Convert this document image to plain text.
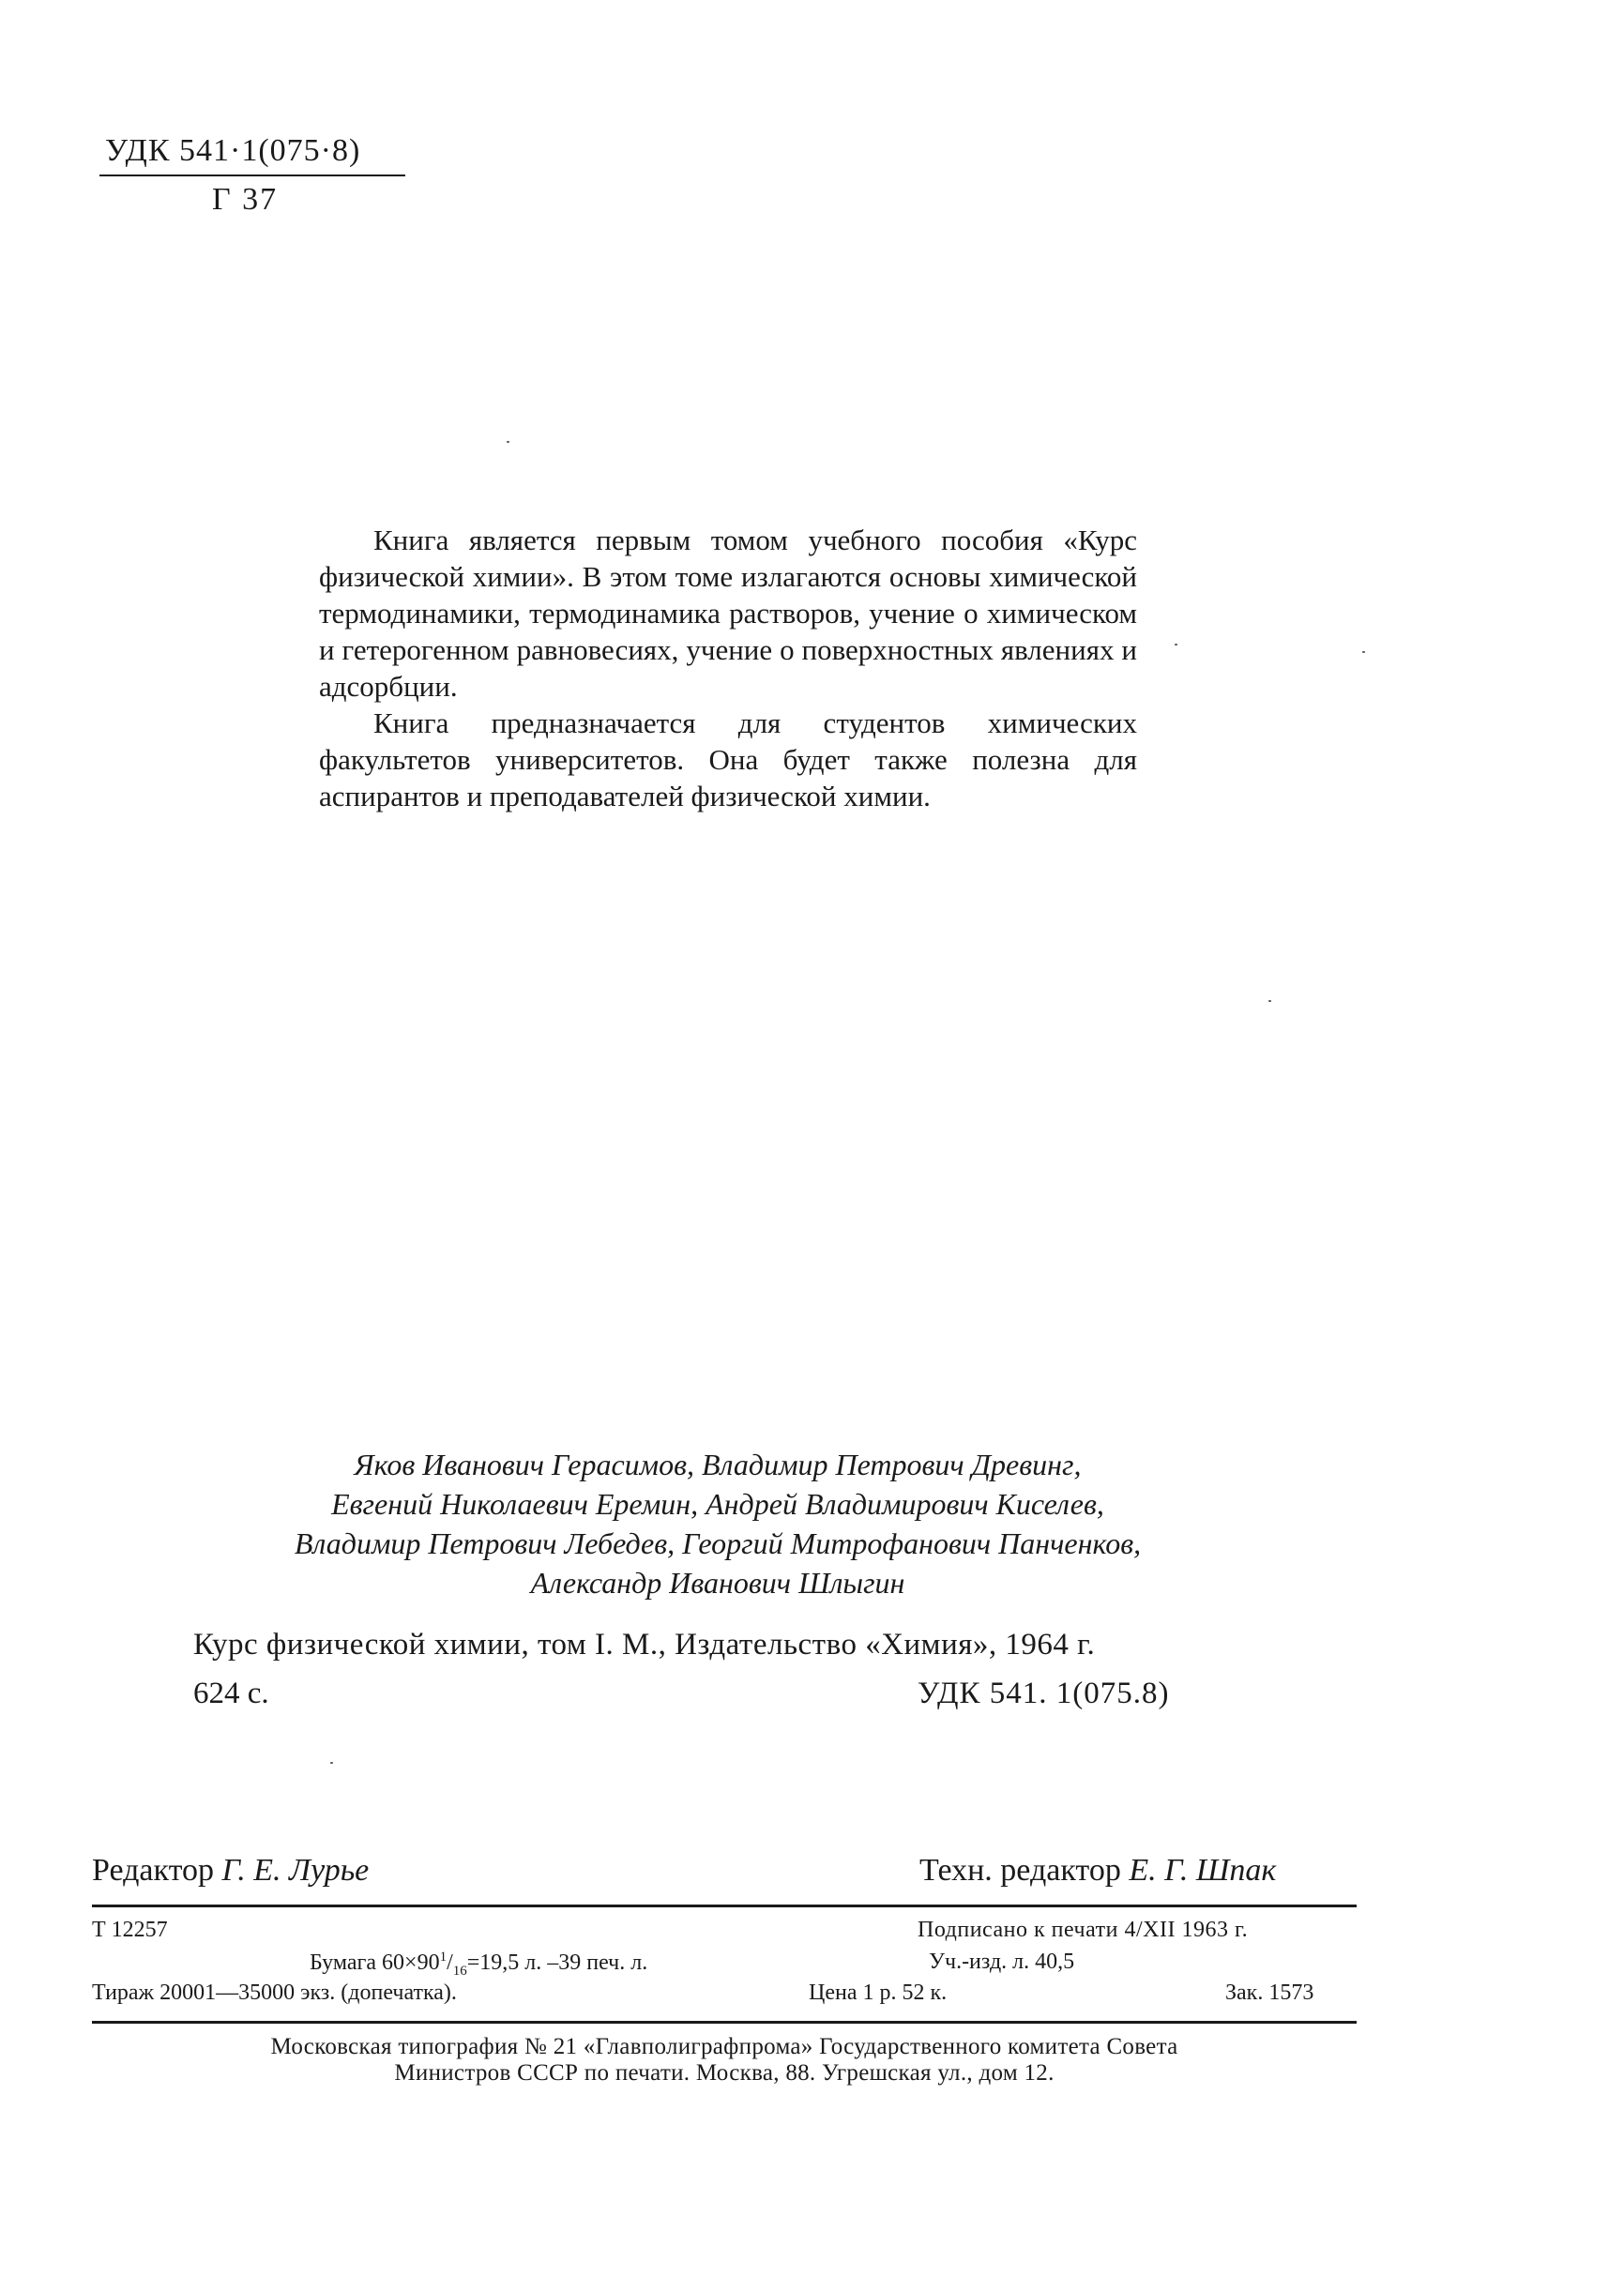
УДК 541·1(075·8)
Г 37

Книга является первым томом учебного пособия «Курс физической химии». В этом томе излагаются основы химической термодинамики, термодинамика растворов, учение о химическом и гетерогенном равновесиях, учение о поверхностных явлениях и адсорбции.

Книга предназначается для студентов химических факультетов университетов. Она будет также полезна для аспирантов и преподавателей физической химии.

Яков Иванович Герасимов, Владимир Петрович Древинг,
Евгений Николаевич Еремин, Андрей Владимирович Киселев,
Владимир Петрович Лебедев, Георгий Митрофанович Панченков,
Александр Иванович Шлыгин
Курс физической химии, том I. М., Издательство «Химия», 1964 г.
624 с.	УДК 541. 1(075.8)
Редактор Г. Е. Лурье	Техн. редактор Е. Г. Шпак
Т 12257	Подписано к печати 4/XII 1963 г.
Бумага $60\times 90^1/_{16}=19,5$ л. –39 печ. л.	Уч.-изд. л. 40,5
Тираж 20001—35000 экз. (допечатка).	Цена 1 р. 52 к.	Зак. 1573
Московская типография № 21 «Главполиграфпрома» Государственного комитета Совета
Министров СССР по печати. Москва, 88. Угрешская ул., дом 12.
